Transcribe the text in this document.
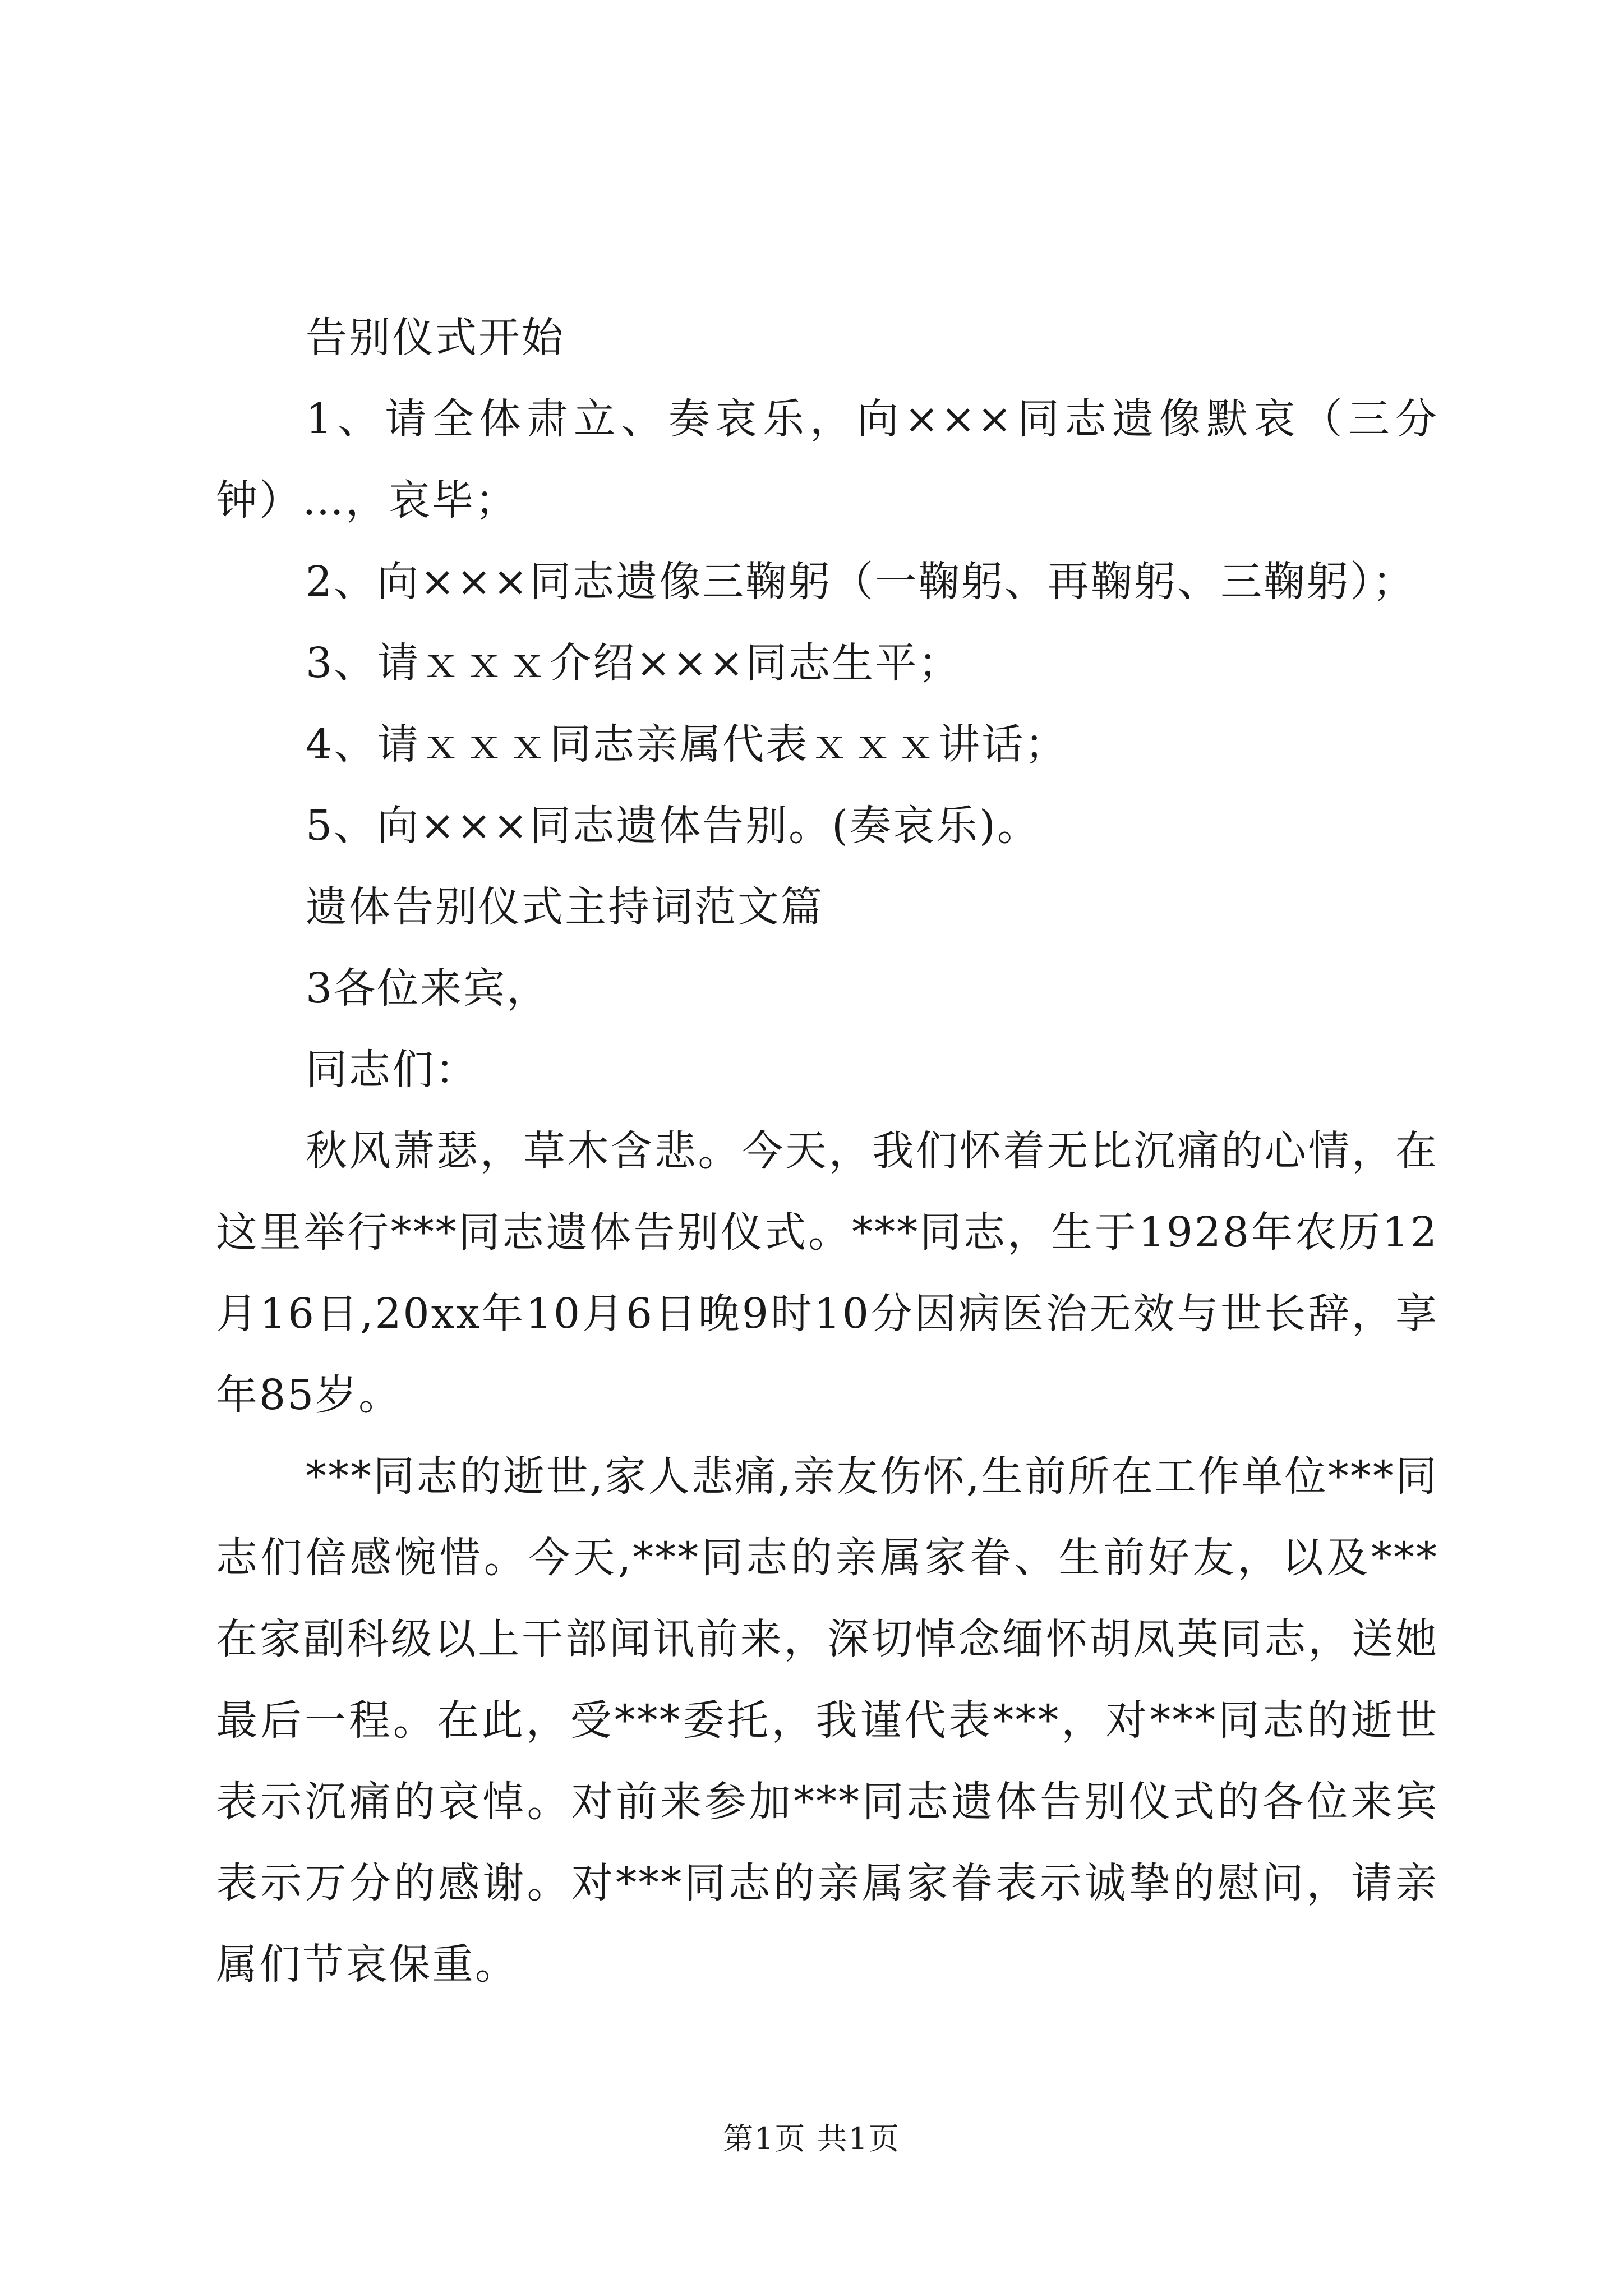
告别仪式开始

1、请全体肃立、奏哀乐，向×××同志遗像默哀（三分钟）…，哀毕；

2、向×××同志遗像三鞠躬（一鞠躬、再鞠躬、三鞠躬）；

3、请ｘｘｘ介绍×××同志生平；

4、请ｘｘｘ同志亲属代表ｘｘｘ讲话；

5、向×××同志遗体告别。(奏哀乐)。

遗体告别仪式主持词范文篇

3各位来宾，

同志们：

秋风萧瑟，草木含悲。今天，我们怀着无比沉痛的心情，在这里举行***同志遗体告别仪式。***同志，生于1928年农历12月16日,20xx年10月6日晚9时10分因病医治无效与世长辞，享年85岁。

***同志的逝世,家人悲痛,亲友伤怀,生前所在工作单位***同志们倍感惋惜。今天,***同志的亲属家眷、生前好友，以及***在家副科级以上干部闻讯前来，深切悼念缅怀胡凤英同志，送她最后一程。在此，受***委托，我谨代表***，对***同志的逝世表示沉痛的哀悼。对前来参加***同志遗体告别仪式的各位来宾表示万分的感谢。对***同志的亲属家眷表示诚挚的慰问，请亲属们节哀保重。

第1页 共1页
